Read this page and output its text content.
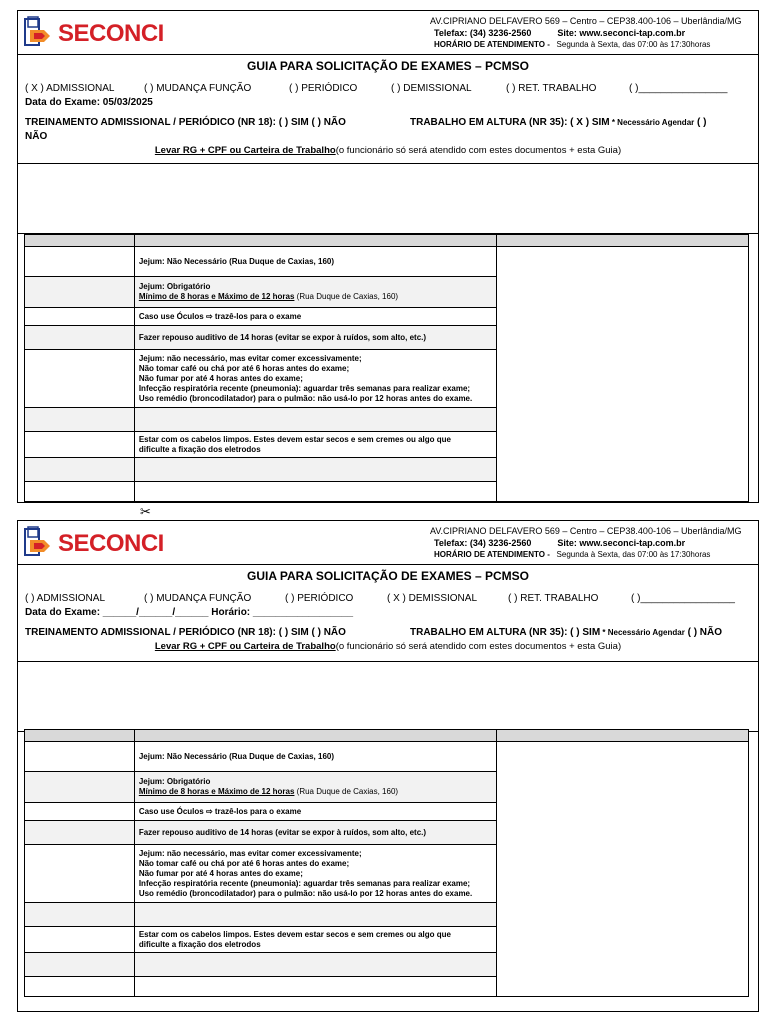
SECONCI	AV.CIPRIANO DELFAVERO 569 – Centro – CEP38.400-106 – Uberlândia/MG
Telefax: (34) 3236-2560	Site: www.seconci-tap.com.br
HORÁRIO DE ATENDIMENTO - Segunda à Sexta, das 07:00 às 17:30horas
GUIA PARA SOLICITAÇÃO DE EXAMES – PCMSO
( X ) ADMISSIONAL	( ) MUDANÇA FUNÇÃO	( ) PERIÓDICO	( ) DEMISSIONAL	( ) RET. TRABALHO	( )________________
Data do Exame: 05/03/2025
TREINAMENTO ADMISSIONAL / PERIÓDICO (NR 18): ( ) SIM ( ) NÃO	TRABALHO EM ALTURA (NR 35): ( X ) SIM * Necessário Agendar ( )
NÃO
Levar RG + CPF ou Carteira de Trabalho(o funcionário só será atendido com estes documentos + esta Guia)

	Jejum: Não Necessário (Rua Duque de Caxias, 160)	

	Jejum: Obrigatório
Mínimo de 8 horas e Máximo de 12 horas (Rua Duque de Caxias, 160)	

	Caso use Óculos ⇨ trazê-los para o exame	
	Fazer repouso auditivo de 14 horas (evitar se expor à ruídos, som alto, etc.)	

	Jejum: não necessário, mas evitar comer excessivamente;
Não tomar café ou chá por até 6 horas antes do exame;
Não fumar por até 4 horas antes do exame;
Infecção respiratória recente (pneumonia): aguardar três semanas para realizar exame;
Uso remédio (broncodilatador) para o pulmão: não usá-lo por 12 horas antes do exame.	

	Estar com os cabelos limpos. Estes devem estar secos e sem cremes ou algo que
dificulte a fixação dos eletrodos	

✂
SECONCI	AV.CIPRIANO DELFAVERO 569 – Centro – CEP38.400-106 – Uberlândia/MG
Telefax: (34) 3236-2560	Site: www.seconci-tap.com.br
HORÁRIO DE ATENDIMENTO - Segunda à Sexta, das 07:00 às 17:30horas
GUIA PARA SOLICITAÇÃO DE EXAMES – PCMSO
( ) ADMISSIONAL	( ) MUDANÇA FUNÇÃO	( ) PERIÓDICO	( X ) DEMISSIONAL	( ) RET. TRABALHO	( )_________________
Data do Exame: ______/______/______ Horário: __________________
TREINAMENTO ADMISSIONAL / PERIÓDICO (NR 18): ( ) SIM ( ) NÃO	TRABALHO EM ALTURA (NR 35): ( ) SIM * Necessário Agendar ( ) NÃO
Levar RG + CPF ou Carteira de Trabalho(o funcionário só será atendido com estes documentos + esta Guia)

	Jejum: Não Necessário (Rua Duque de Caxias, 160)	

	Jejum: Obrigatório
Mínimo de 8 horas e Máximo de 12 horas (Rua Duque de Caxias, 160)	

	Caso use Óculos ⇨ trazê-los para o exame	
	Fazer repouso auditivo de 14 horas (evitar se expor à ruídos, som alto, etc.)	

	Jejum: não necessário, mas evitar comer excessivamente;
Não tomar café ou chá por até 6 horas antes do exame;
Não fumar por até 4 horas antes do exame;
Infecção respiratória recente (pneumonia): aguardar três semanas para realizar exame;
Uso remédio (broncodilatador) para o pulmão: não usá-lo por 12 horas antes do exame.	

	Estar com os cabelos limpos. Estes devem estar secos e sem cremes ou algo que
dificulte a fixação dos eletrodos	
